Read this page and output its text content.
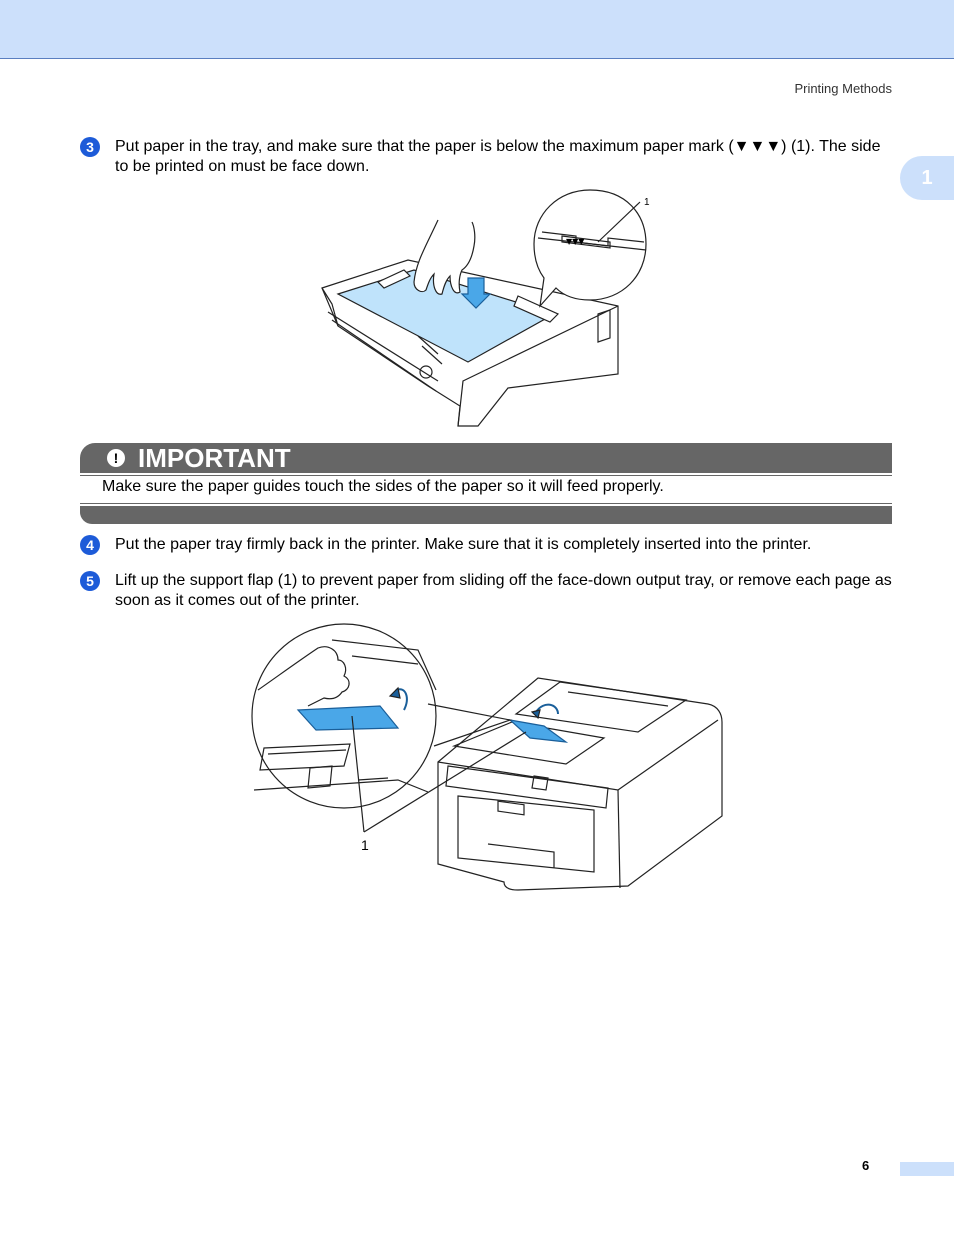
Printing Methods
1
3	Put paper in the tray, and make sure that the paper is below the maximum paper mark (▼▼▼) (1). The side to be printed on must be face down.
▼▼▼
1
! IMPORTANT
Make sure the paper guides touch the sides of the paper so it will feed properly.
4	Put the paper tray firmly back in the printer. Make sure that it is completely inserted into the printer.
5	Lift up the support flap (1) to prevent paper from sliding off the face-down output tray, or remove each page as soon as it comes out of the printer.
1
6
